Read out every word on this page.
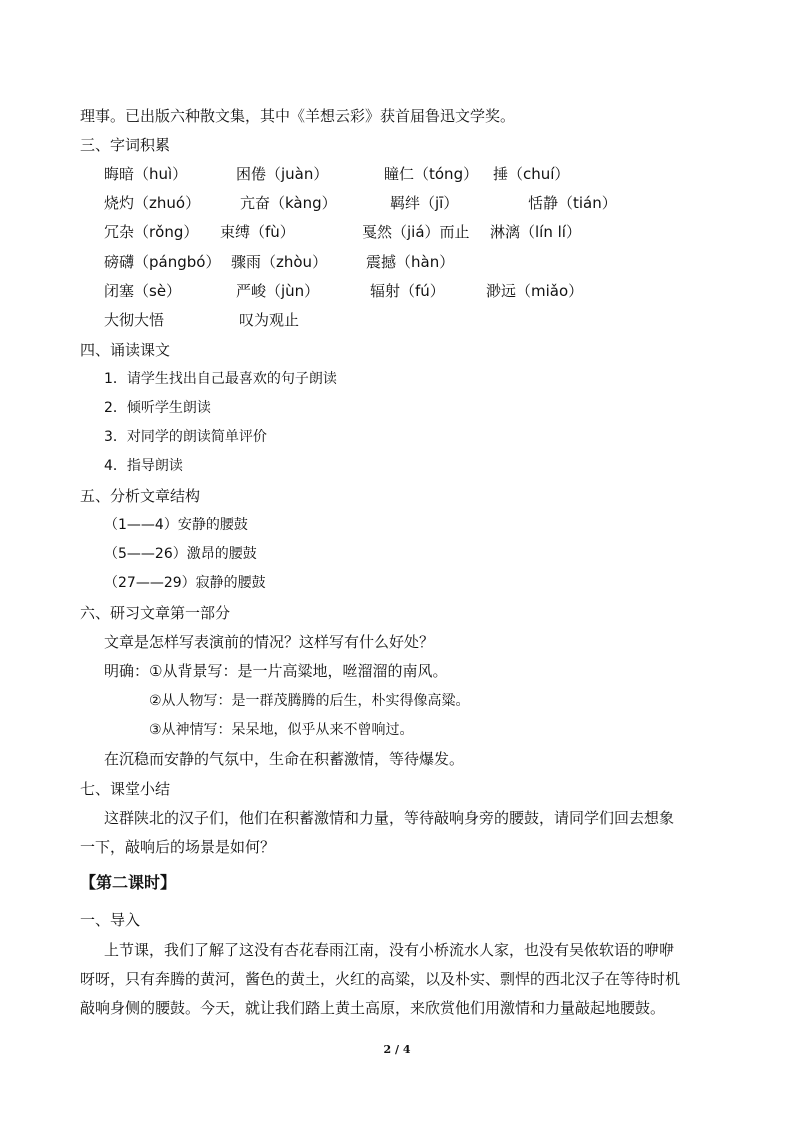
理事。已出版六种散文集，其中《羊想云彩》获首届鲁迅文学奖。
三、字词积累
晦暗（huì）	困倦（juàn）	瞳仁（tóng） 捶（chuí）
烧灼（zhuó）	亢奋（kàng）	羁绊（jī）	恬静（tián）
冗杂（rǒng） 束缚（fù）	戛然（jiá）而止 淋漓（lín lí）
磅礴（pángbó） 骤雨（zhòu）	震撼（hàn）
闭塞（sè）	严峻（jùn）	辐射（fú）	渺远（miǎo）
大彻大悟	叹为观止
四、诵读课文
1．请学生找出自己最喜欢的句子朗读
2．倾听学生朗读
3．对同学的朗读简单评价
4．指导朗读
五、分析文章结构
（1——4）安静的腰鼓
（5——26）激昂的腰鼓
（27——29）寂静的腰鼓
六、研习文章第一部分
文章是怎样写表演前的情况？这样写有什么好处？
明确：①从背景写：是一片高粱地，咝溜溜的南风。
②从人物写：是一群茂腾腾的后生，朴实得像高粱。
③从神情写：呆呆地，似乎从来不曾响过。
在沉稳而安静的气氛中，生命在积蓄激情，等待爆发。
七、课堂小结
这群陕北的汉子们，他们在积蓄激情和力量，等待敲响身旁的腰鼓，请同学们回去想象
一下，敲响后的场景是如何？
【第二课时】
一、导入
上节课，我们了解了这没有杏花春雨江南，没有小桥流水人家，也没有吴侬软语的咿咿
呀呀，只有奔腾的黄河，酱色的黄土，火红的高粱，以及朴实、剽悍的西北汉子在等待时机
敲响身侧的腰鼓。今天，就让我们踏上黄土高原，来欣赏他们用激情和力量敲起地腰鼓。
2 / 4
